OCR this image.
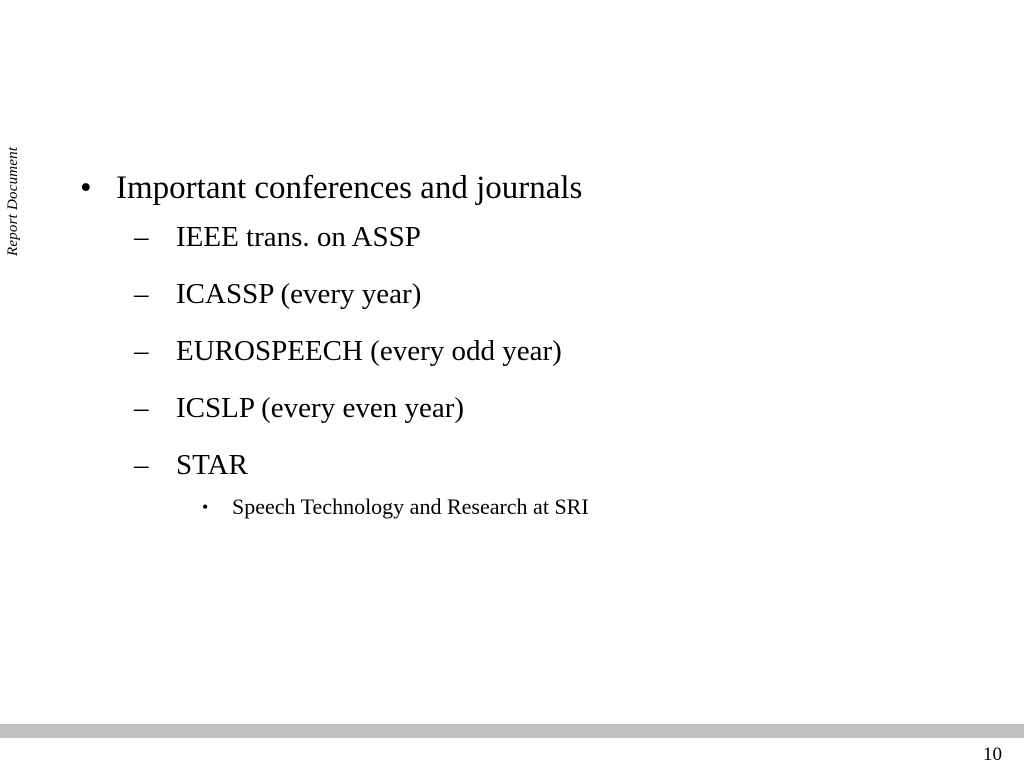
Report Document • Important conferences and journals
– IEEE trans. on ASSP
– ICASSP (every year)
– EUROSPEECH (every odd year)
– ICSLP (every even year)
– STAR
• Speech Technology and Research at SRI
10
